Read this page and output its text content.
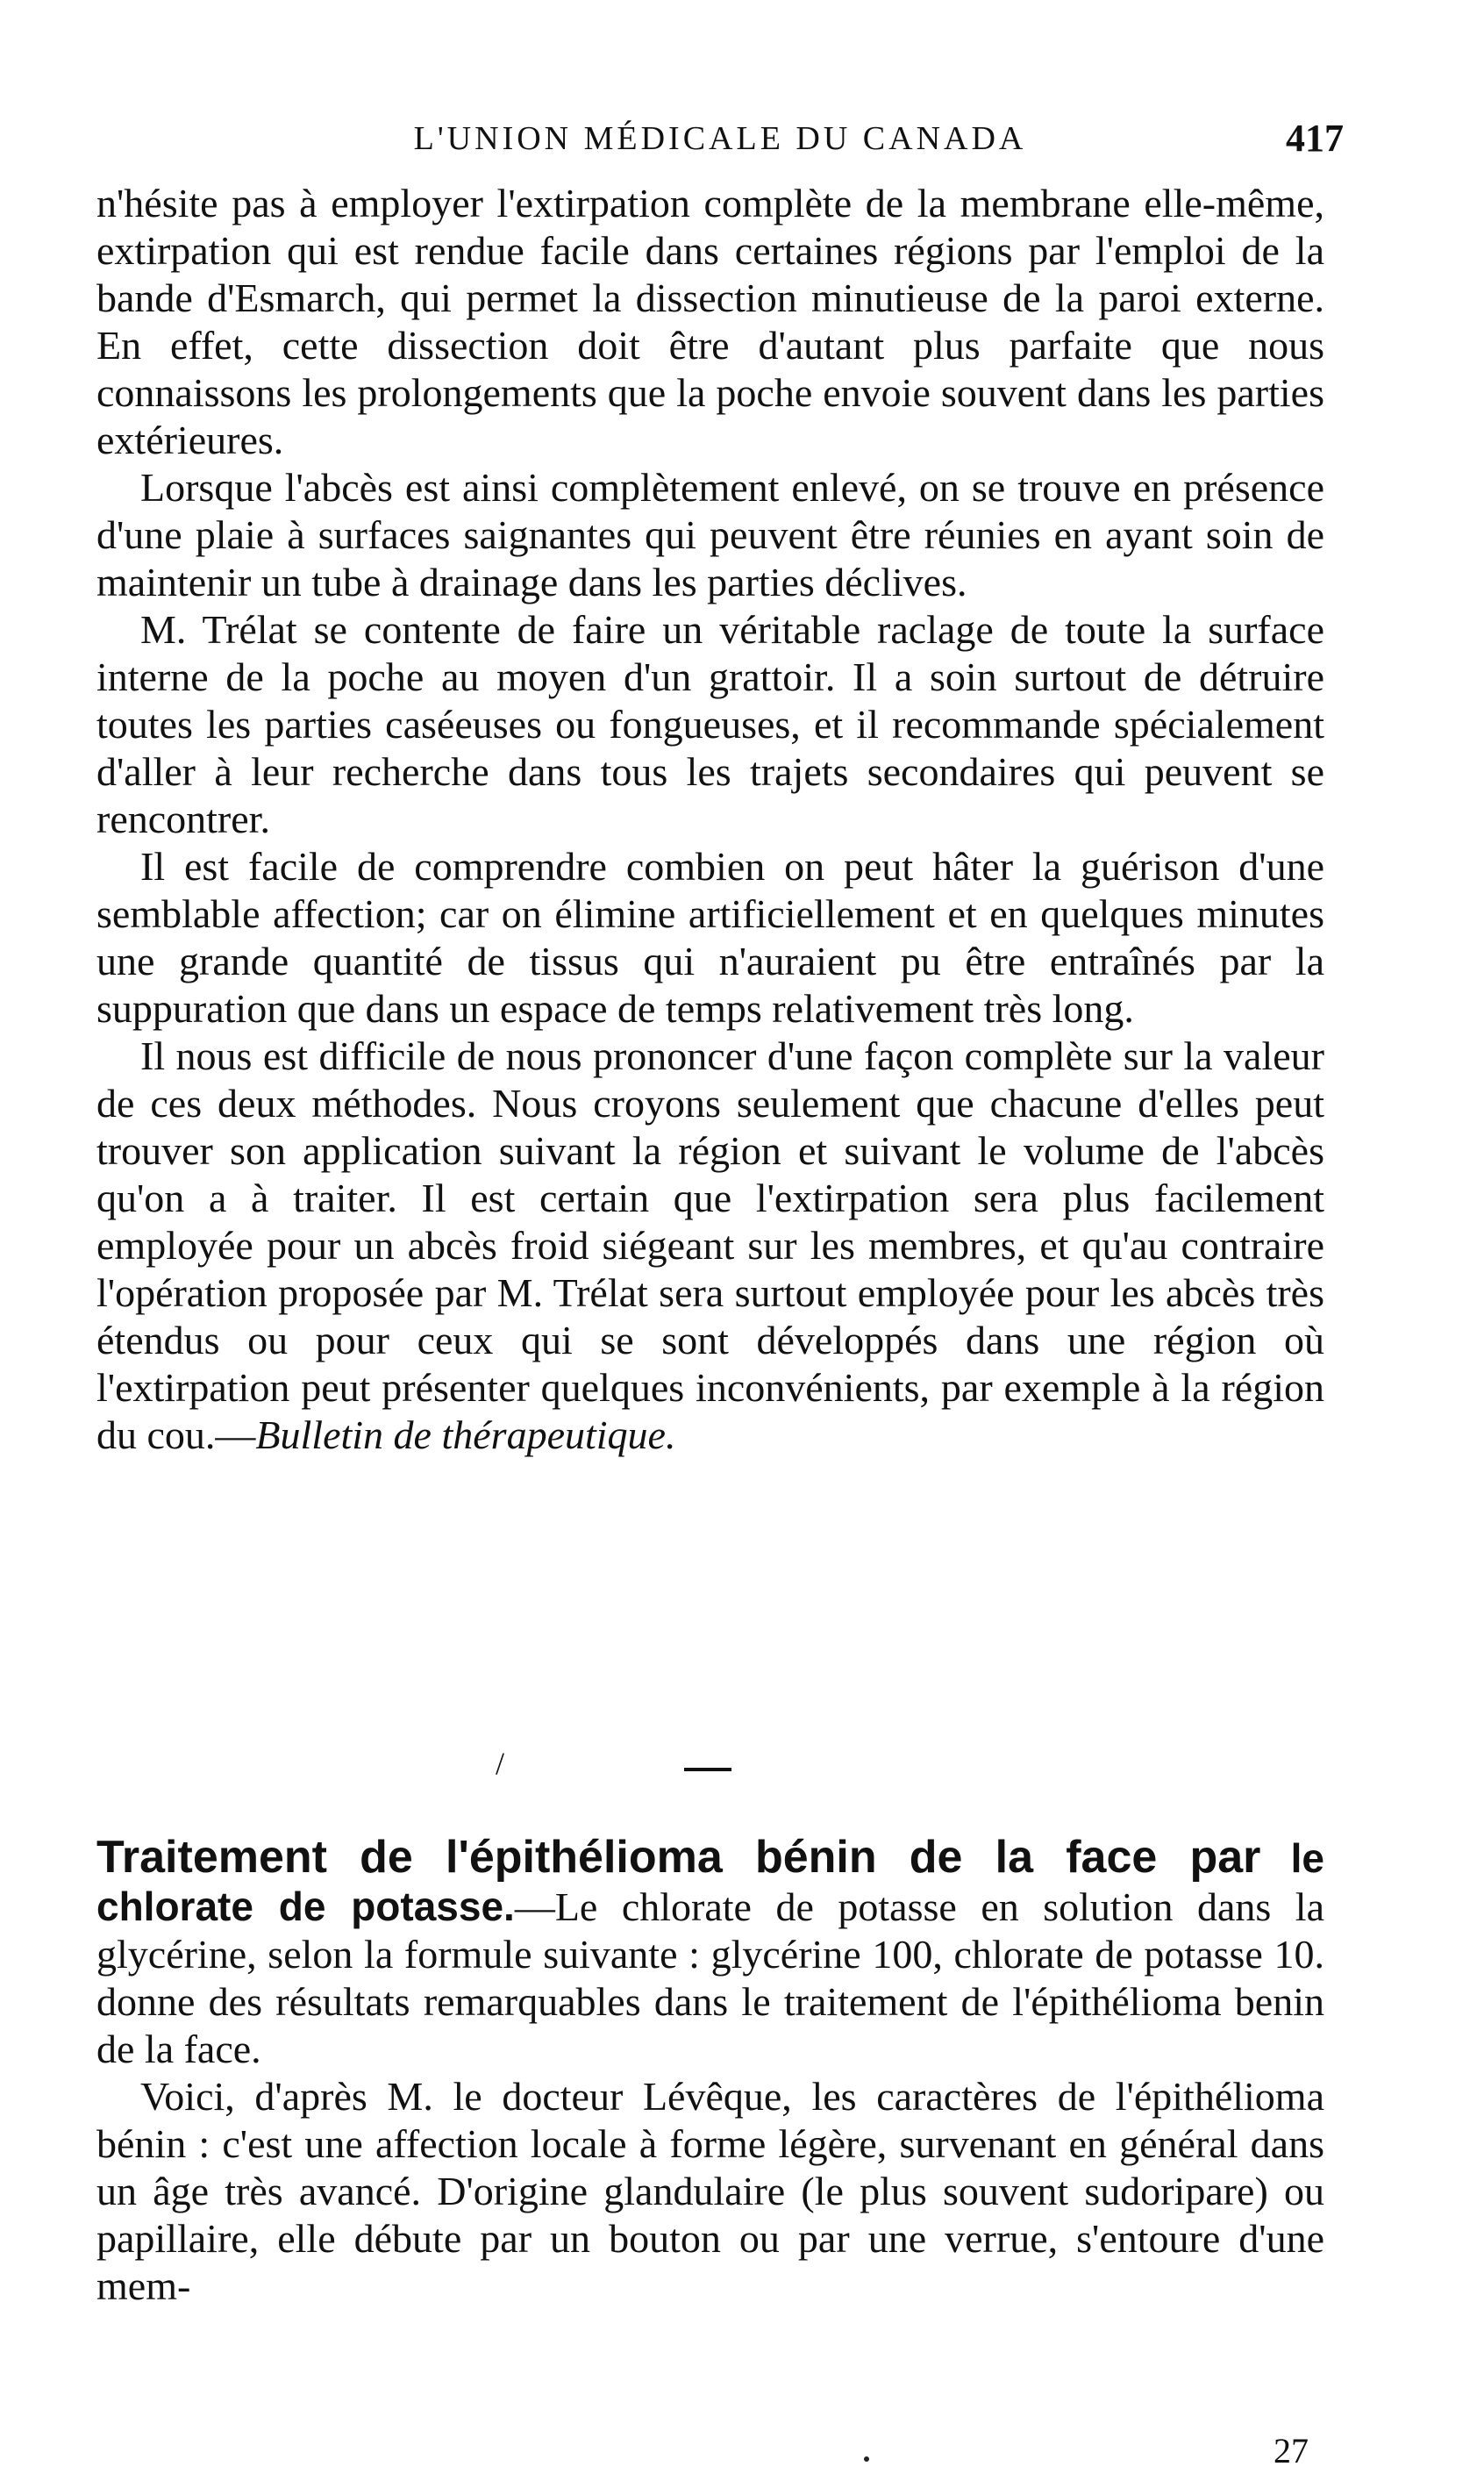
L'UNION MÉDICALE DU CANADA	417

n'hésite pas à employer l'extirpation complète de la membrane elle-même, extirpation qui est rendue facile dans certaines régions par l'emploi de la bande d'Esmarch, qui permet la dissection minutieuse de la paroi externe. En effet, cette dissection doit être d'autant plus parfaite que nous connaissons les prolongements que la poche envoie souvent dans les parties extérieures.

Lorsque l'abcès est ainsi complètement enlevé, on se trouve en présence d'une plaie à surfaces saignantes qui peuvent être réunies en ayant soin de maintenir un tube à drainage dans les parties déclives.

M. Trélat se contente de faire un véritable raclage de toute la surface interne de la poche au moyen d'un grattoir. Il a soin surtout de détruire toutes les parties caséeuses ou fongueuses, et il recommande spécialement d'aller à leur recherche dans tous les trajets secondaires qui peuvent se rencontrer.

Il est facile de comprendre combien on peut hâter la guérison d'une semblable affection; car on élimine artificiellement et en quelques minutes une grande quantité de tissus qui n'auraient pu être entraînés par la suppuration que dans un espace de temps relativement très long.

Il nous est difficile de nous prononcer d'une façon complète sur la valeur de ces deux méthodes. Nous croyons seulement que chacune d'elles peut trouver son application suivant la région et suivant le volume de l'abcès qu'on a à traiter. Il est certain que l'extirpation sera plus facilement employée pour un abcès froid siégeant sur les membres, et qu'au contraire l'opération proposée par M. Trélat sera surtout employée pour les abcès très étendus ou pour ceux qui se sont développés dans une région où l'extirpation peut présenter quelques inconvénients, par exemple à la région du cou.—Bulletin de thérapeutique.

/

Traitement de l'épithélioma bénin de la face par le chlorate de potasse.—Le chlorate de potasse en solution dans la glycérine, selon la formule suivante : glycérine 100, chlorate de potasse 10. donne des résultats remarquables dans le traitement de l'épithélioma benin de la face.

Voici, d'après M. le docteur Lévêque, les caractères de l'épithélioma bénin : c'est une affection locale à forme légère, survenant en général dans un âge très avancé. D'origine glandulaire (le plus souvent sudoripare) ou papillaire, elle débute par un bouton ou par une verrue, s'entoure d'une mem-

27
